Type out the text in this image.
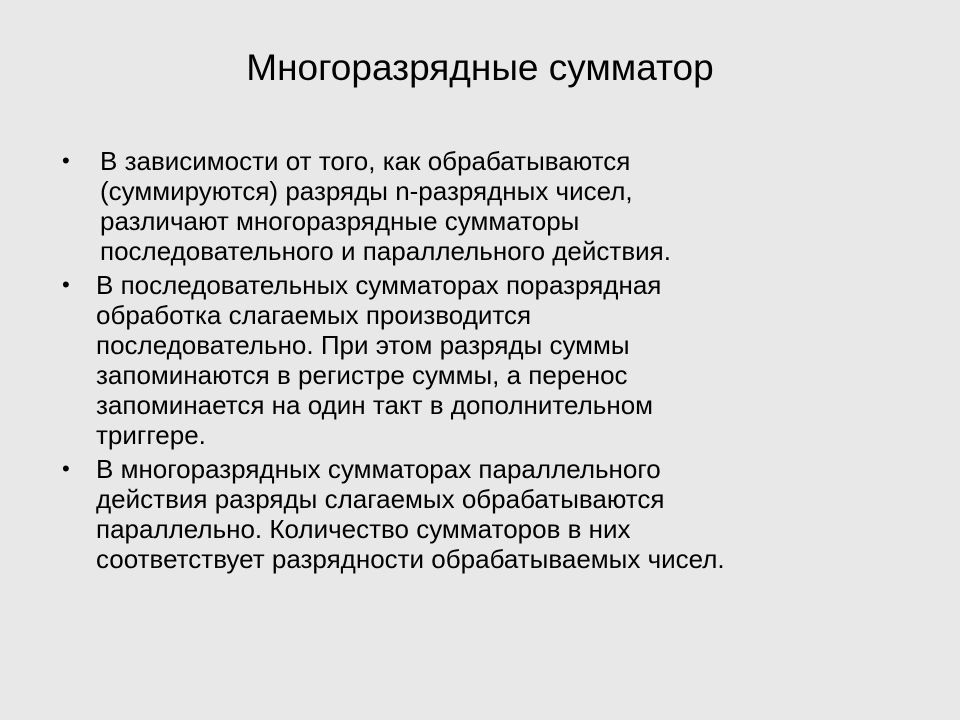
Многоразрядные сумматор
• В зависимости от того, как обрабатываются
(суммируются) разряды n-разрядных чисел,
различают многоразрядные сумматоры
последовательного и параллельного действия.
• В последовательных сумматорах поразрядная
обработка слагаемых производится
последовательно. При этом разряды суммы
запоминаются в регистре суммы, а перенос
запоминается на один такт в дополнительном
триггере.
• В многоразрядных сумматорах параллельного
действия разряды слагаемых обрабатываются
параллельно. Количество сумматоров в них
соответствует разрядности обрабатываемых чисел.
